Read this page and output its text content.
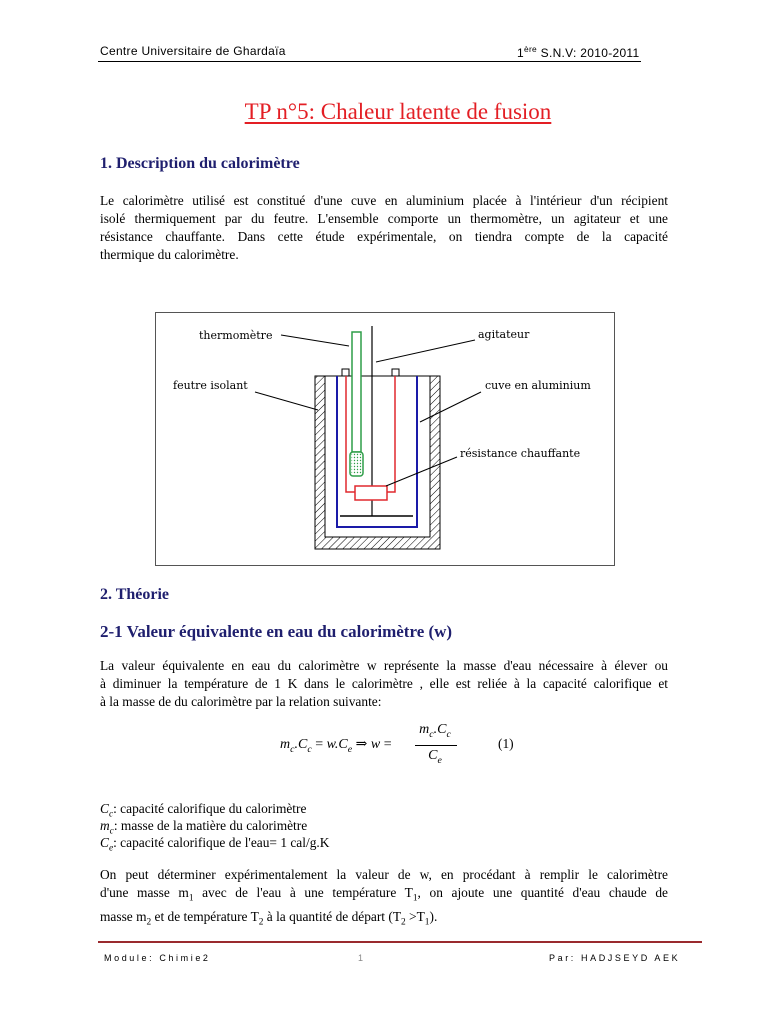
Centre Universitaire de Ghardaïa	1ère S.N.V: 2010-2011
TP n°5: Chaleur latente de fusion
1. Description du calorimètre
Le calorimètre utilisé est constitué d'une cuve en aluminium placée à l'intérieur d'un récipient
isolé thermiquement par du feutre. L'ensemble comporte un thermomètre, un agitateur et une
résistance chauffante. Dans cette étude expérimentale, on tiendra compte de la capacité
thermique du calorimètre.
thermomètre	agitateur
feutre isolant	cuve en aluminium
résistance chauffante
2. Théorie
2-1 Valeur équivalente en eau du calorimètre (w)
La valeur équivalente en eau du calorimètre w représente la masse d'eau nécessaire à élever ou
à diminuer la température de 1 K dans le calorimètre , elle est reliée à la capacité calorifique et
à la masse de du calorimètre par la relation suivante:
$m_c.C_c = w.C_e$ ⇒ w =
$m_c.C_c$
$C_e$
(1)
$C_c$: capacité calorifique du calorimètre
$m_c$: masse de la matière du calorimètre
$C_e$: capacité calorifique de l'eau= 1 cal/g.K
On peut déterminer expérimentalement la valeur de w, en procédant à remplir le calorimètre
d'une masse $m_1$ avec de l'eau à une température $T_1$, on ajoute une quantité d'eau chaude de
masse $m_2$ et de température $T_2$ à la quantité de départ $(T_2 >T_1)$.
Module: Chimie2	1	Par: HADJSEYD AEK
